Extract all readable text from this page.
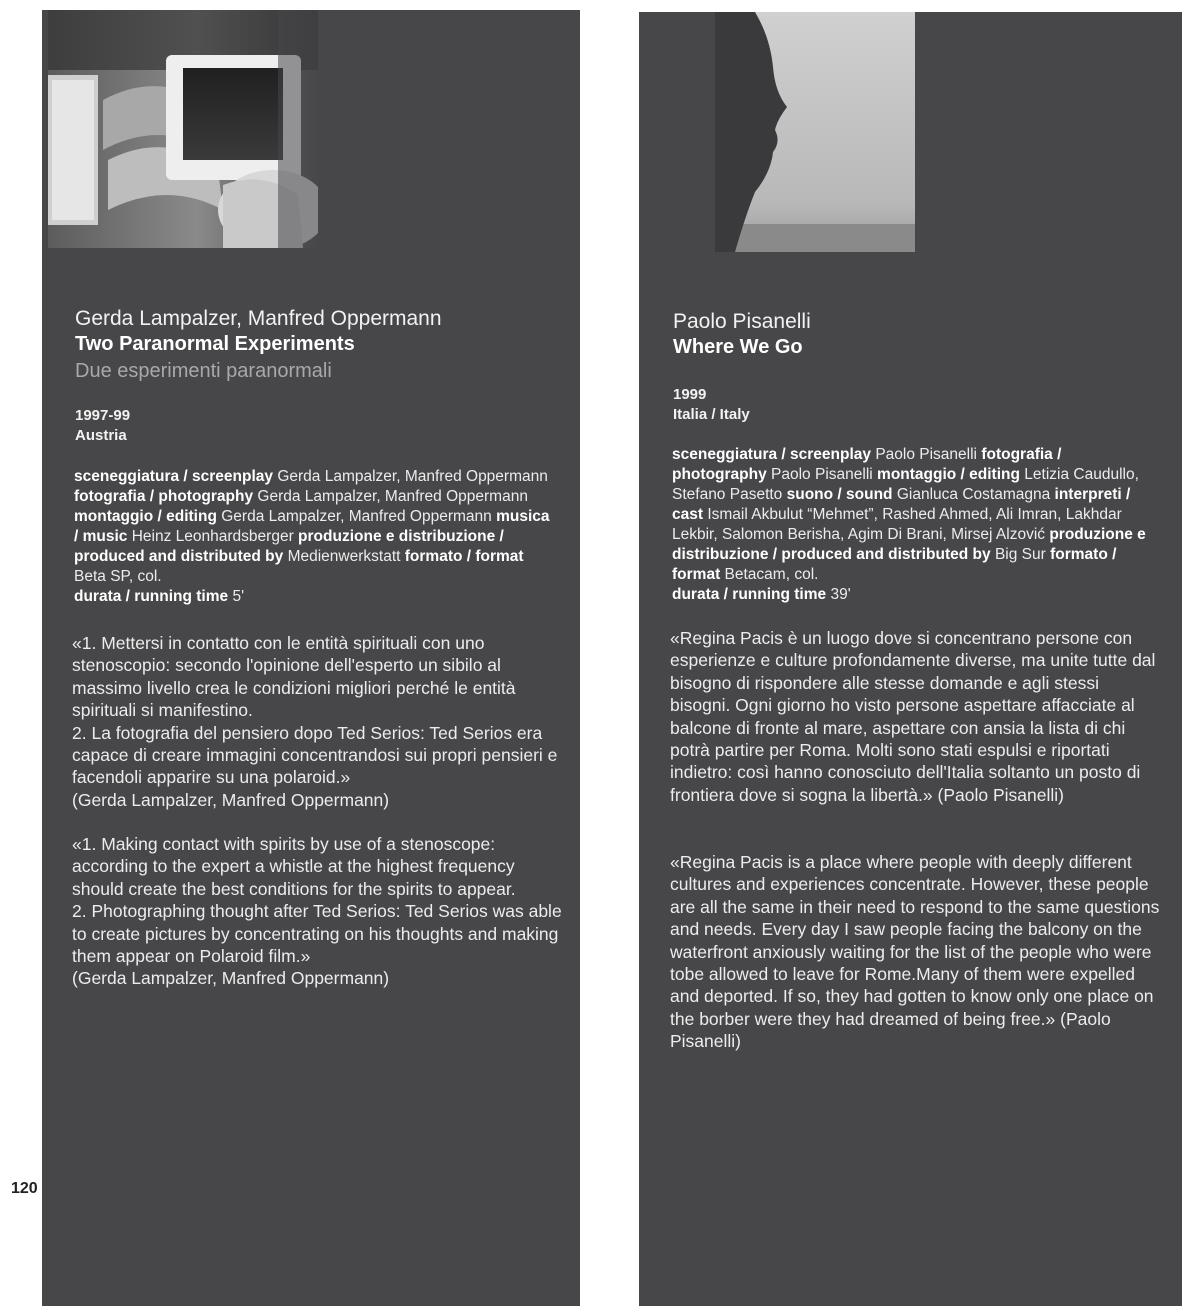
120
Gerda Lampalzer, Manfred Oppermann
Two Paranormal Experiments
Due esperimenti paranormali
1997-99
Austria
sceneggiatura / screenplay Gerda Lampalzer, Manfred Oppermann fotografia / photography Gerda Lampalzer, Manfred Oppermann montaggio / editing Gerda Lampalzer, Manfred Oppermann musica / music Heinz Leonhardsberger produzione e distribuzione / produced and distributed by Medienwerkstatt formato / format Beta SP, col.
durata / running time 5'
«1. Mettersi in contatto con le entità spirituali con uno stenoscopio: secondo l'opinione dell'esperto un sibilo al massimo livello crea le condizioni migliori perché le entità spirituali si manifestino.
2. La fotografia del pensiero dopo Ted Serios: Ted Serios era capace di creare immagini concentrandosi sui propri pensieri e facendoli apparire su una polaroid.»
(Gerda Lampalzer, Manfred Oppermann)
«1. Making contact with spirits by use of a stenoscope: according to the expert a whistle at the highest frequency should create the best conditions for the spirits to appear.
2. Photographing thought after Ted Serios: Ted Serios was able to create pictures by concentrating on his thoughts and making them appear on Polaroid film.»
(Gerda Lampalzer, Manfred Oppermann)
Paolo Pisanelli
Where We Go
1999
Italia / Italy
sceneggiatura / screenplay Paolo Pisanelli fotografia / photography Paolo Pisanelli montaggio / editing Letizia Caudullo, Stefano Pasetto suono / sound Gianluca Costamagna interpreti / cast Ismail Akbulut “Mehmet”, Rashed Ahmed, Ali Imran, Lakhdar Lekbir, Salomon Berisha, Agim Di Brani, Mirsej Alzović produzione e distribuzione / produced and distributed by Big Sur formato / format Betacam, col.
durata / running time 39'
«Regina Pacis è un luogo dove si concentrano persone con esperienze e culture profondamente diverse, ma unite tutte dal bisogno di rispondere alle stesse domande e agli stessi bisogni. Ogni giorno ho visto persone aspettare affacciate al balcone di fronte al mare, aspettare con ansia la lista di chi potrà partire per Roma. Molti sono stati espulsi e riportati indietro: così hanno conosciuto dell'Italia soltanto un posto di frontiera dove si sogna la libertà.» (Paolo Pisanelli)
«Regina Pacis is a place where people with deeply different cultures and experiences concentrate. However, these people are all the same in their need to respond to the same questions and needs. Every day I saw people facing the balcony on the waterfront anxiously waiting for the list of the people who were tobe allowed to leave for Rome.Many of them were expelled and deported. If so, they had gotten to know only one place on the borber were they had dreamed of being free.» (Paolo Pisanelli)
